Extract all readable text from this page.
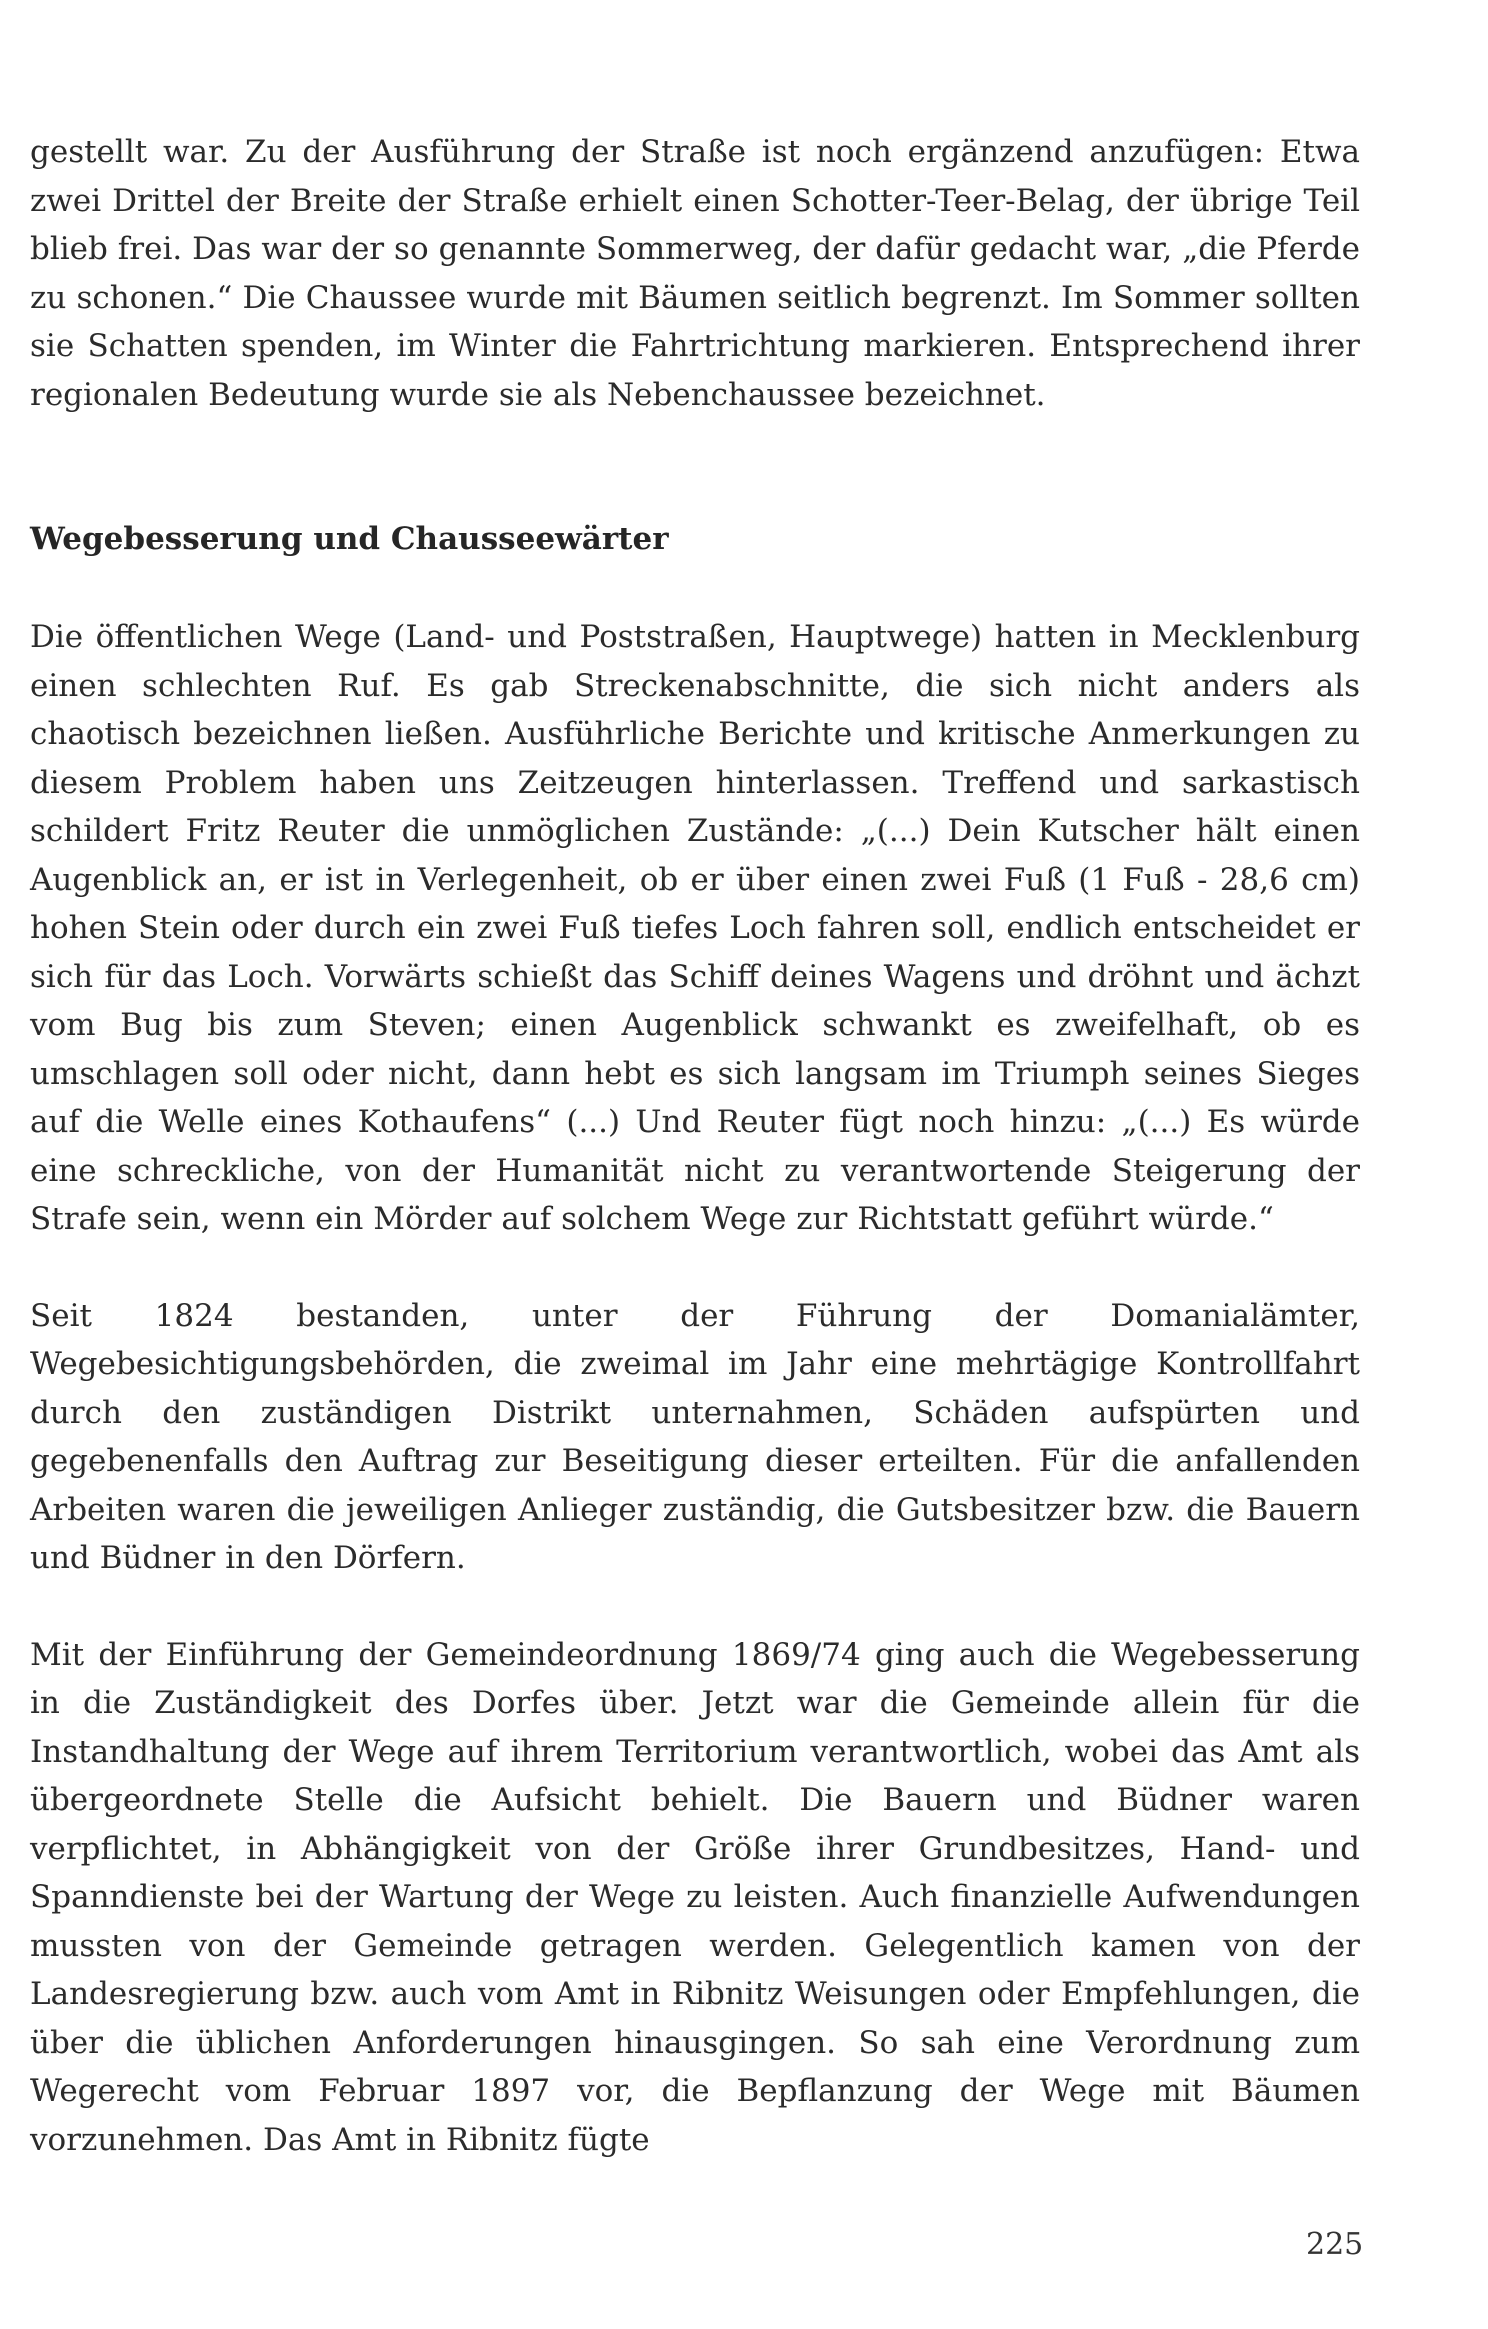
gestellt war. Zu der Ausführung der Straße ist noch ergänzend anzufügen: Etwa zwei Drittel der Breite der Straße erhielt einen Schotter-Teer-Belag, der übrige Teil blieb frei. Das war der so genannte Sommerweg, der dafür gedacht war, „die Pferde zu schonen.“ Die Chaussee wurde mit Bäumen seitlich begrenzt. Im Sommer sollten sie Schatten spenden, im Winter die Fahrtrichtung markieren. Entsprechend ihrer regionalen Bedeutung wurde sie als Nebenchaussee bezeichnet.

Wegebesserung und Chausseewärter

Die öffentlichen Wege (Land- und Poststraßen, Hauptwege) hatten in Mecklenburg einen schlechten Ruf. Es gab Streckenabschnitte, die sich nicht anders als chaotisch bezeichnen ließen. Ausführliche Berichte und kritische Anmerkungen zu diesem Problem haben uns Zeitzeugen hinterlassen. Treffend und sarkastisch schildert Fritz Reuter die unmöglichen Zustände: „(...) Dein Kutscher hält einen Augenblick an, er ist in Verlegenheit, ob er über einen zwei Fuß (1 Fuß - 28,6 cm) hohen Stein oder durch ein zwei Fuß tiefes Loch fahren soll, endlich entscheidet er sich für das Loch. Vorwärts schießt das Schiff deines Wagens und dröhnt und ächzt vom Bug bis zum Steven; einen Augenblick schwankt es zweifelhaft, ob es umschlagen soll oder nicht, dann hebt es sich langsam im Triumph seines Sieges auf die Welle eines Kothaufens“ (...) Und Reuter fügt noch hinzu: „(...) Es würde eine schreckliche, von der Humanität nicht zu verantwortende Steigerung der Strafe sein, wenn ein Mörder auf solchem Wege zur Richtstatt geführt würde.“

Seit 1824 bestanden, unter der Führung der Domanialämter, Wegebesichtigungsbehörden, die zweimal im Jahr eine mehrtägige Kontrollfahrt durch den zuständigen Distrikt unternahmen, Schäden aufspürten und gegebenenfalls den Auftrag zur Beseitigung dieser erteilten. Für die anfallenden Arbeiten waren die jeweiligen Anlieger zuständig, die Gutsbesitzer bzw. die Bauern und Büdner in den Dörfern.

Mit der Einführung der Gemeindeordnung 1869/74 ging auch die Wegebesserung in die Zuständigkeit des Dorfes über. Jetzt war die Gemeinde allein für die Instandhaltung der Wege auf ihrem Territorium verantwortlich, wobei das Amt als übergeordnete Stelle die Aufsicht behielt. Die Bauern und Büdner waren verpflichtet, in Abhängigkeit von der Größe ihrer Grundbesitzes, Hand- und Spanndienste bei der Wartung der Wege zu leisten. Auch finanzielle Aufwendungen mussten von der Gemeinde getragen werden. Gelegentlich kamen von der Landesregierung bzw. auch vom Amt in Ribnitz Weisungen oder Empfehlungen, die über die üblichen Anforderungen hinausgingen. So sah eine Verordnung zum Wegerecht vom Februar 1897 vor, die Bepflanzung der Wege mit Bäumen vorzunehmen. Das Amt in Ribnitz fügte

225
